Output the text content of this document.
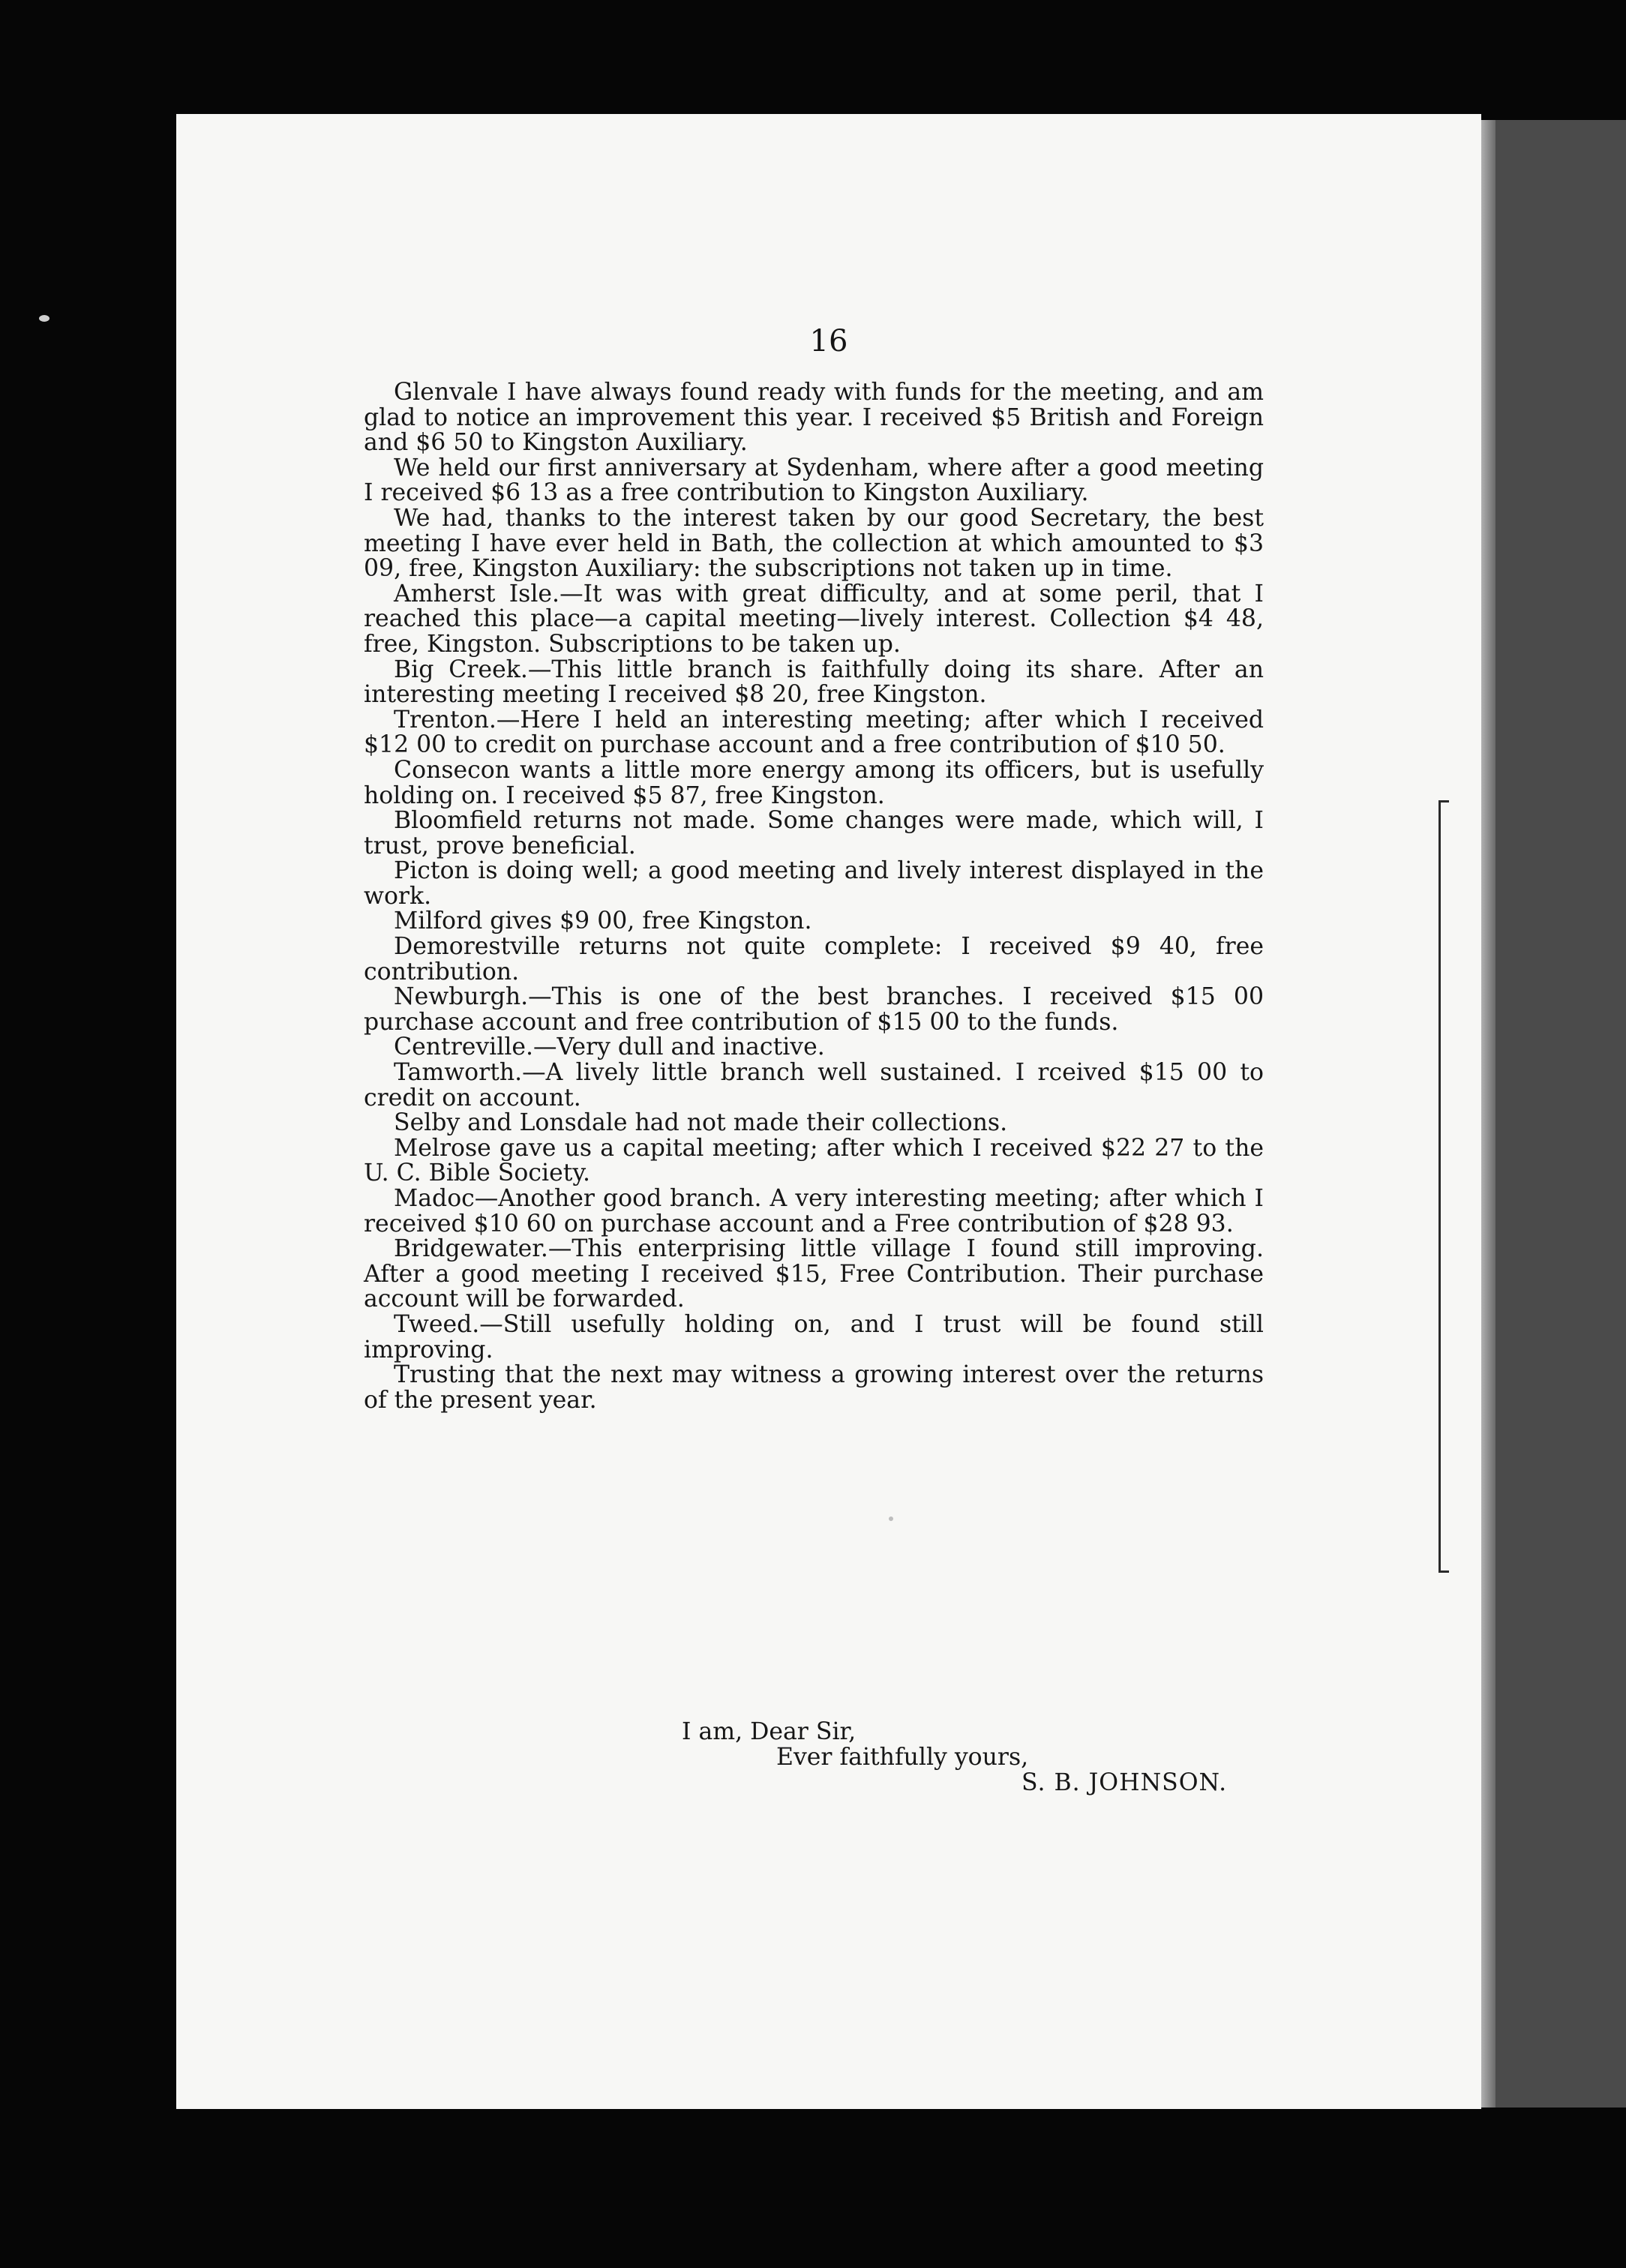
16

Glenvale I have always found ready with funds for the meeting, and am glad to notice an improvement this year. I received $5 British and Foreign and $6 50 to Kingston Auxiliary.

We held our first anniversary at Sydenham, where after a good meeting I received $6 13 as a free contribution to Kingston Auxiliary.

We had, thanks to the interest taken by our good Secretary, the best meeting I have ever held in Bath, the collection at which amounted to $3 09, free, Kingston Auxiliary: the subscriptions not taken up in time.

Amherst Isle.—It was with great difficulty, and at some peril, that I reached this place—a capital meeting—lively interest. Collection $4 48, free, Kingston. Subscriptions to be taken up.

Big Creek.—This little branch is faithfully doing its share. After an interesting meeting I received $8 20, free Kingston.

Trenton.—Here I held an interesting meeting; after which I received $12 00 to credit on purchase account and a free contribution of $10 50.

Consecon wants a little more energy among its officers, but is usefully holding on. I received $5 87, free Kingston.

Bloomfield returns not made. Some changes were made, which will, I trust, prove beneficial.

Picton is doing well; a good meeting and lively interest displayed in the work.

Milford gives $9 00, free Kingston.

Demorestville returns not quite complete: I received $9 40, free contribution.

Newburgh.—This is one of the best branches. I received $15 00 purchase account and free contribution of $15 00 to the funds.

Centreville.—Very dull and inactive.

Tamworth.—A lively little branch well sustained. I rceived $15 00 to credit on account.

Selby and Lonsdale had not made their collections.

Melrose gave us a capital meeting; after which I received $22 27 to the U. C. Bible Society.

Madoc—Another good branch. A very interesting meeting; after which I received $10 60 on purchase account and a Free contribution of $28 93.

Bridgewater.—This enterprising little village I found still improving. After a good meeting I received $15, Free Contribution. Their purchase account will be forwarded.

Tweed.—Still usefully holding on, and I trust will be found still improving.

Trusting that the next may witness a growing interest over the returns of the present year.

I am, Dear Sir,
Ever faithfully yours,
S. B. JOHNSON.
